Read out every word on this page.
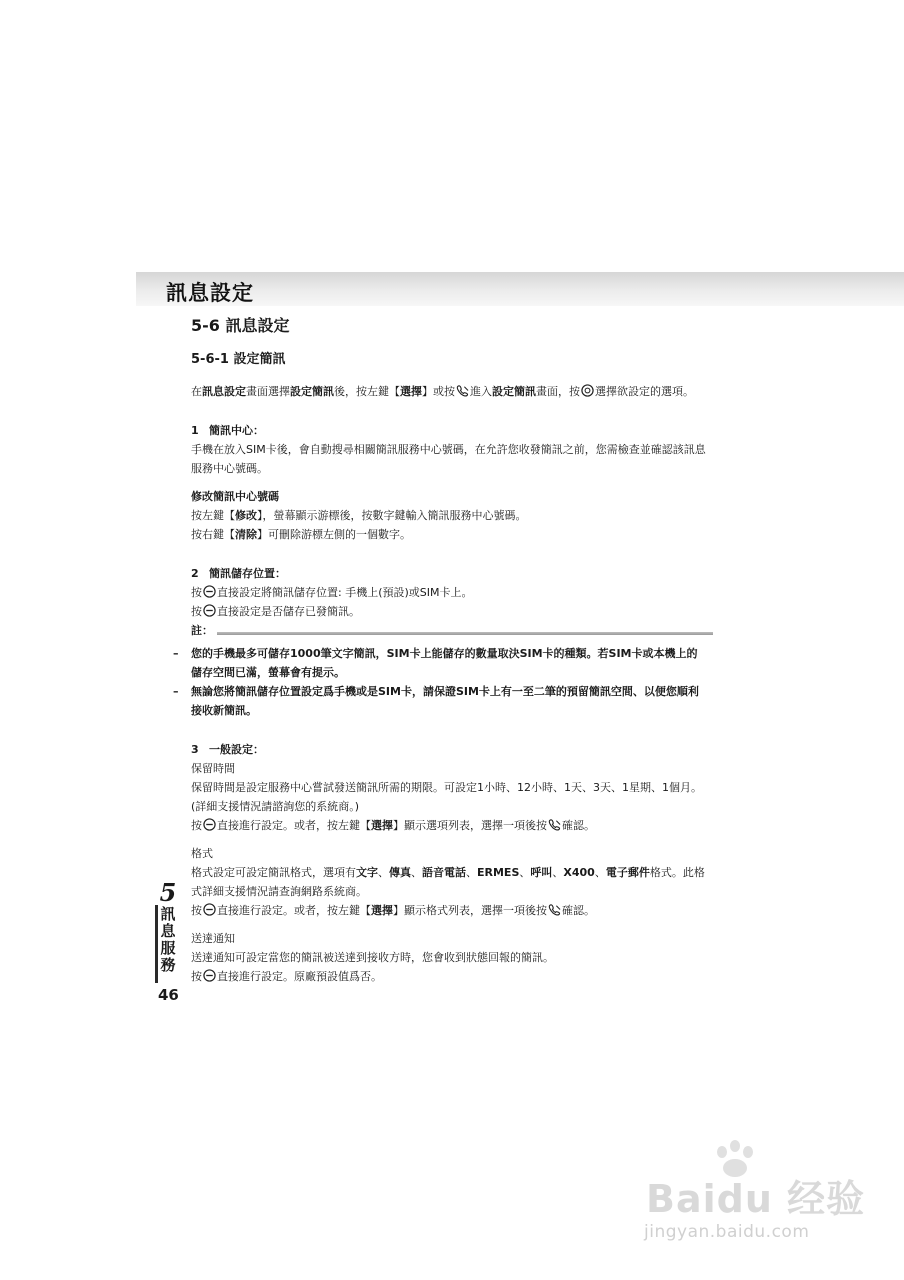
訊息設定
5-6 訊息設定
5-6-1 設定簡訊

在訊息設定畫面選擇設定簡訊後，按左鍵【選擇】或按 進入設定簡訊畫面，按 選擇欲設定的選項。

1 簡訊中心：

手機在放入SIM卡後，會自動搜尋相關簡訊服務中心號碼，在允許您收發簡訊之前，您需檢查並確認該訊息服務中心號碼。

修改簡訊中心號碼

按左鍵【修改】，螢幕顯示游標後，按數字鍵輸入簡訊服務中心號碼。

按右鍵【清除】可刪除游標左側的一個數字。

2 簡訊儲存位置：

按 直接設定將簡訊儲存位置: 手機上(預設)或SIM卡上。

按 直接設定是否儲存已發簡訊。

註：
– 您的手機最多可儲存1000筆文字簡訊，SIM卡上能儲存的數量取決SIM卡的種類。若SIM卡或本機上的儲存空間已滿，螢幕會有提示。
– 無論您將簡訊儲存位置設定爲手機或是SIM卡，請保證SIM卡上有一至二筆的預留簡訊空間、以便您順利接收新簡訊。

3 一般設定：

保留時間

保留時間是設定服務中心嘗試發送簡訊所需的期限。可設定1小時、12小時、1天、3天、1星期、1個月。(詳細支援情況請諮詢您的系統商。)

按 直接進行設定。或者，按左鍵【選擇】顯示選項列表，選擇一項後按 確認。

格式

格式設定可設定簡訊格式，選項有文字、傳真、語音電話、ERMES、呼叫、X400、電子郵件格式。此格式詳細支援情況請查詢網路系統商。

按 直接進行設定。或者，按左鍵【選擇】顯示格式列表，選擇一項後按 確認。

送達通知

送達通知可設定當您的簡訊被送達到接收方時，您會收到狀態回報的簡訊。

按 直接進行設定。原廠預設值爲否。

5
訊
息
服
務
46
Baidu 经验
jingyan.baidu.com
